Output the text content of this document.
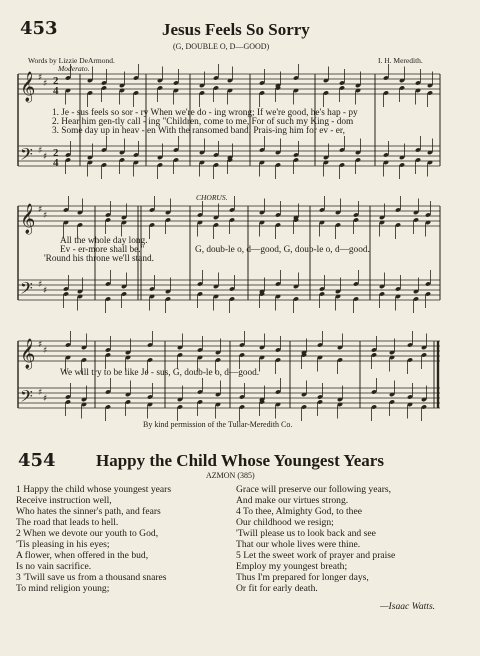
453	Jesus Feels So Sorry
(G, DOUBLE O, D—GOOD)
Words by Lizzie DeArmond.	I. H. Meredith.
Moderato.
𝄞
𝄢
𝄞
𝄢
𝄞
𝄢
♯
♯
♯
♯
♯
♯
♯
♯
♯
♯
♯
♯
2
4
2
4
1. Je - sus feels so sor - ry When we're do - ing wrong; If we're good, he's hap - py
2. Hear him gen-tly call - ing "Children, come to me, For of such my King - dom
3. Some day up in heav - en With the ransomed band, Prais-ing him for ev - er,
CHORUS.
All the whole day long.
Ev - er-more shall be."
'Round his throne we'll stand.
G, doub-le o, d—good, G, doub-le o, d—good.
We will try to be like Je - sus, G, doub-le o, d—good.
By kind permission of the Tullar-Meredith Co.
454 Happy the Child Whose Youngest Years
AZMON (385)
1 Happy the child whose youngest years
Receive instruction well,
Who hates the sinner's path, and fears
The road that leads to hell.
2 When we devote our youth to God,
'Tis pleasing in his eyes;
A flower, when offered in the bud,
Is no vain sacrifice.
3 'Twill save us from a thousand snares
To mind religion young;
Grace will preserve our following years,
And make our virtues strong.
4 To thee, Almighty God, to thee
Our childhood we resign;
'Twill please us to look back and see
That our whole lives were thine.
5 Let the sweet work of prayer and praise
Employ my youngest breath;
Thus I'm prepared for longer days,
Or fit for early death.
—Isaac Watts.
